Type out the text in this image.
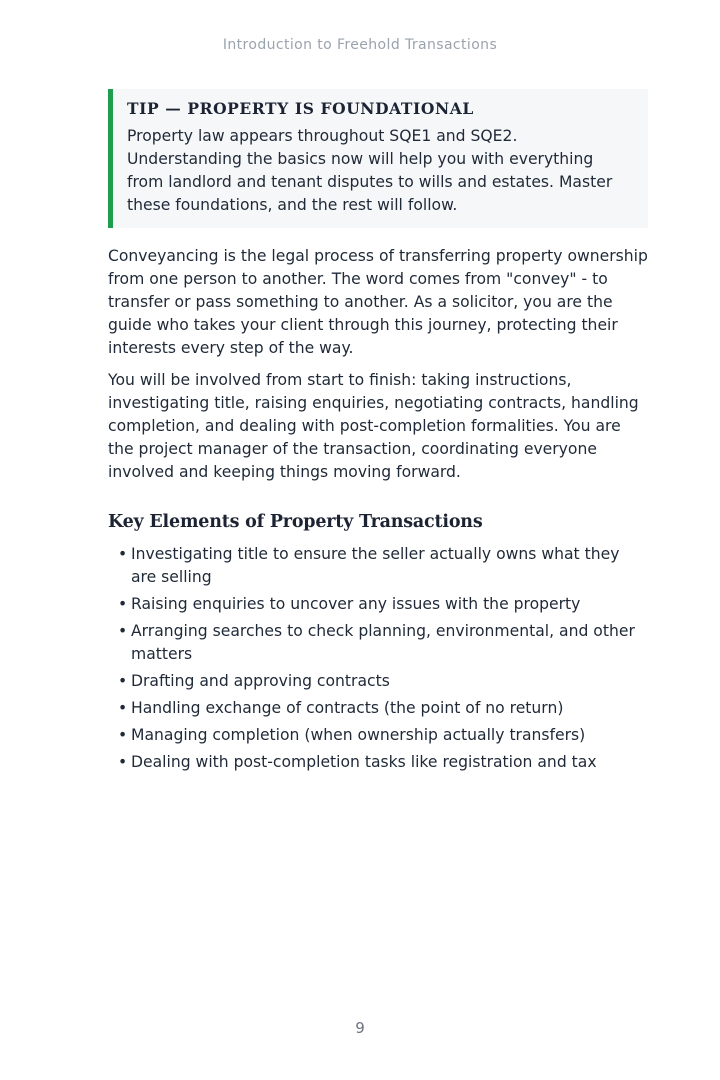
Introduction to Freehold Transactions
TIP — PROPERTY IS FOUNDATIONAL

Property law appears throughout SQE1 and SQE2. Understanding the basics now will help you with everything from landlord and tenant disputes to wills and estates. Master these foundations, and the rest will follow.

Conveyancing is the legal process of transferring property ownership from one person to another. The word comes from "convey" - to transfer or pass something to another. As a solicitor, you are the guide who takes your client through this journey, protecting their interests every step of the way.

You will be involved from start to finish: taking instructions, investigating title, raising enquiries, negotiating contracts, handling completion, and dealing with post-completion formalities. You are the project manager of the transaction, coordinating everyone involved and keeping things moving forward.

Key Elements of Property Transactions
• Investigating title to ensure the seller actually owns what they are selling
• Raising enquiries to uncover any issues with the property
• Arranging searches to check planning, environmental, and other matters
• Drafting and approving contracts
• Handling exchange of contracts (the point of no return)
• Managing completion (when ownership actually transfers)
• Dealing with post-completion tasks like registration and tax
9
